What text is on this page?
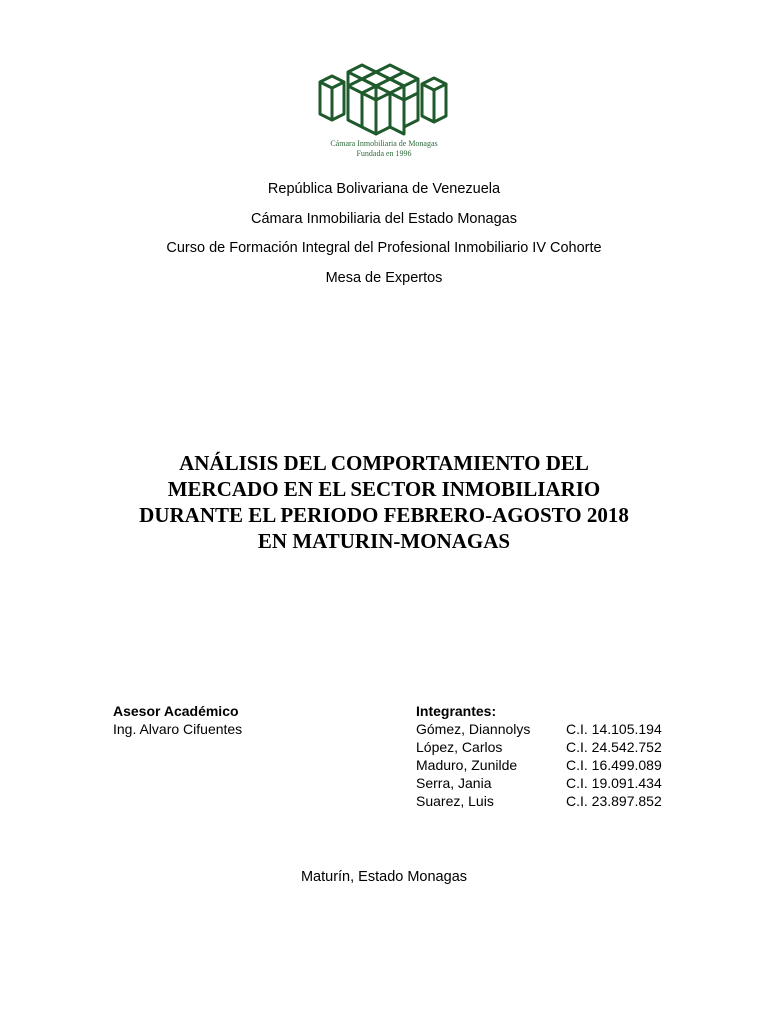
Cámara Inmobiliaria de Monagas
Fundada en 1996
República Bolivariana de Venezuela
Cámara Inmobiliaria del Estado Monagas
Curso de Formación Integral del Profesional Inmobiliario IV Cohorte
Mesa de Expertos
ANÁLISIS DEL COMPORTAMIENTO DEL
MERCADO EN EL SECTOR INMOBILIARIO
DURANTE EL PERIODO FEBRERO-AGOSTO 2018
EN MATURIN-MONAGAS
Asesor Académico
Ing. Alvaro Cifuentes
Integrantes:
Gómez, Diannolys	C.I. 14.105.194
López, Carlos	C.I. 24.542.752
Maduro, Zunilde	C.I. 16.499.089
Serra, Jania	C.I. 19.091.434
Suarez, Luis	C.I. 23.897.852
Maturín, Estado Monagas
